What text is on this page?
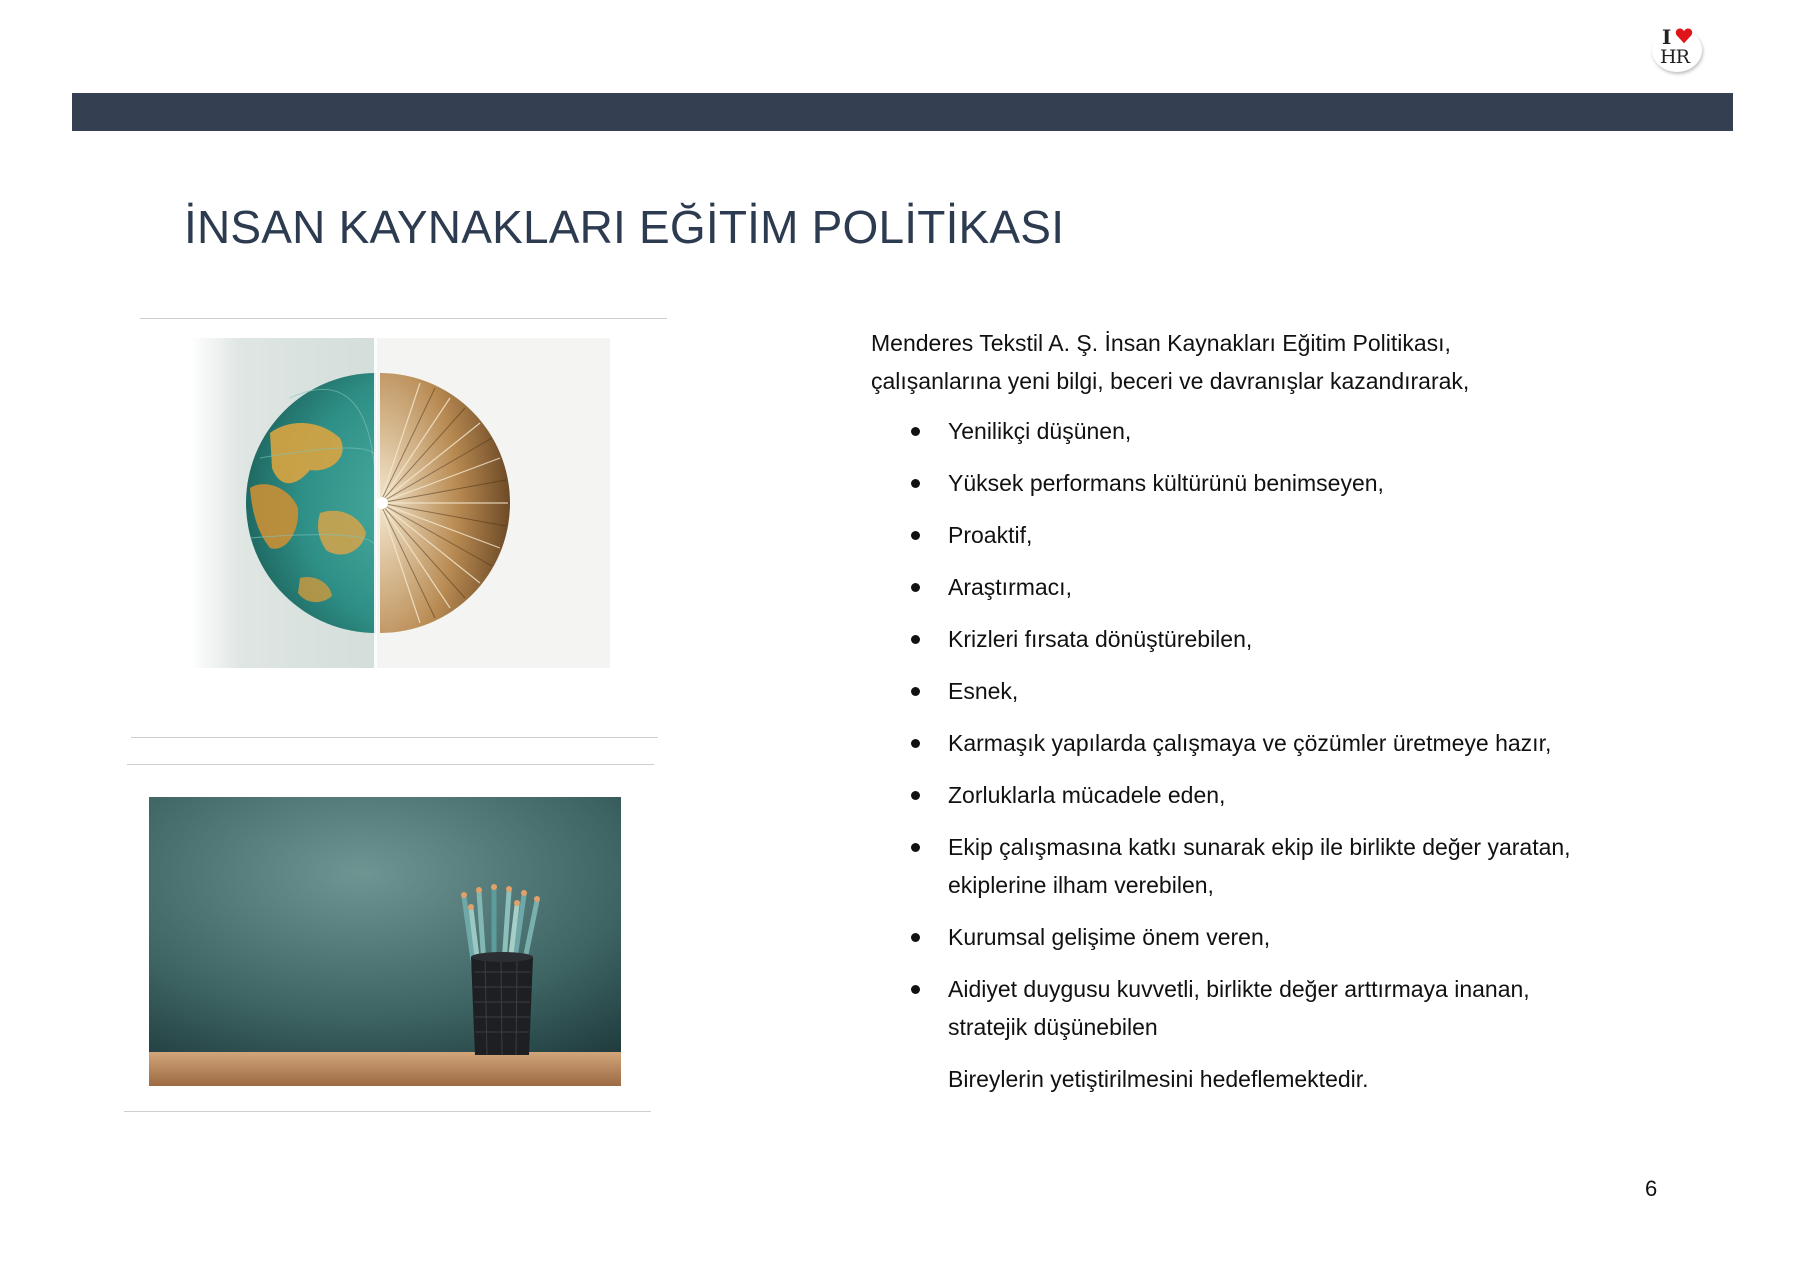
I
HR
İNSAN KAYNAKLARI EĞİTİM POLİTİKASI

Menderes Tekstil A. Ş. İnsan Kaynakları Eğitim Politikası,

çalışanlarına yeni bilgi, beceri ve davranışlar kazandırarak,

Yenilikçi düşünen,
Yüksek performans kültürünü benimseyen,
Proaktif,
Araştırmacı,
Krizleri fırsata dönüştürebilen,
Esnek,
Karmaşık yapılarda çalışmaya ve çözümler üretmeye hazır,
Zorluklarla mücadele eden,
Ekip çalışmasına katkı sunarak ekip ile birlikte değer yaratan,
ekiplerine ilham verebilen,
Kurumsal gelişime önem veren,
Aidiyet duygusu kuvvetli, birlikte değer arttırmaya inanan,
stratejik düşünebilen

Bireylerin yetiştirilmesini hedeflemektedir.

6
